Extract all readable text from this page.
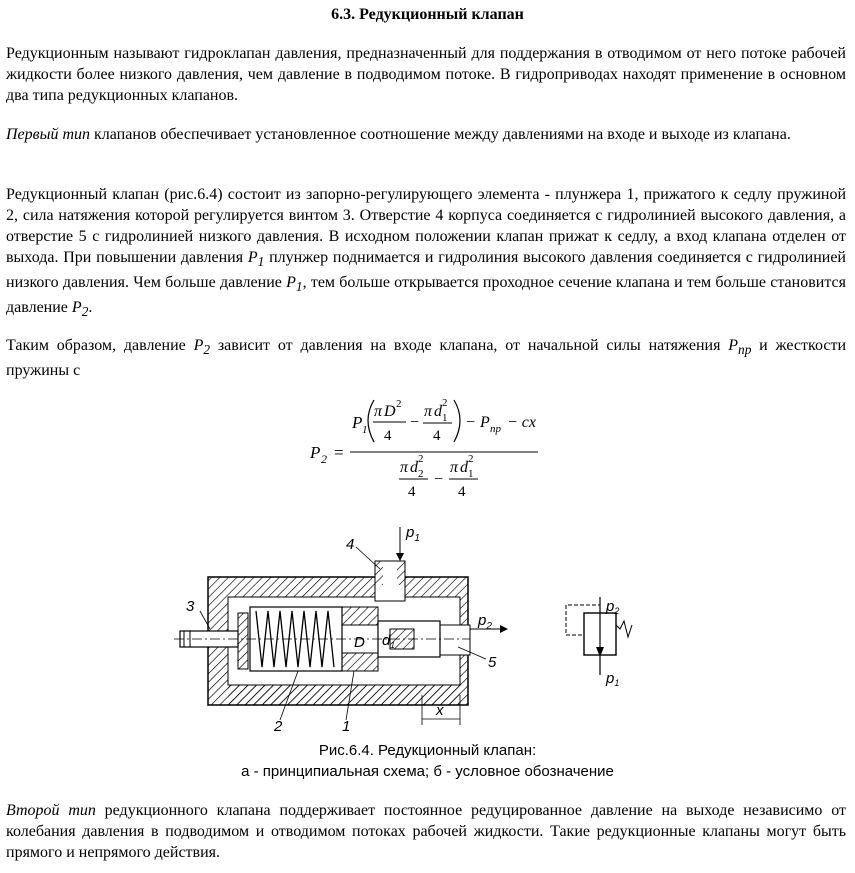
6.3. Редукционный клапан

Редукционным называют гидроклапан давления, предназначенный для поддержания в отводимом от него потоке рабочей жидкости более низкого давления, чем давление в подводимом потоке. В гидроприводах находят применение в основном два типа редукционных клапанов.

Первый тип клапанов обеспечивает установленное соотношение между давлениями на входе и выходе из клапана.

Редукционный клапан (рис.6.4) состоит из запорно-регулирующего элемента - плунжера 1, прижатого к седлу пружиной 2, сила натяжения которой регулируется винтом 3. Отверстие 4 корпуса соединяется с гидролинией высокого давления, а отверстие 5 с гидролинией низкого давления. В исходном положении клапан прижат к седлу, а вход клапана отделен от выхода. При повышении давления $P_1$ плунжер поднимается и гидролиния высокого давления соединяется с гидролинией низкого давления. Чем больше давление $P_1$, тем больше открывается проходное сечение клапана и тем больше становится давление $P_2$.

Таким образом, давление $P_2$ зависит от давления на входе клапана, от начальной силы натяжения $P_{пр}$ и жесткости пружины с

P 2 =
P 1
π D 2
4
−
π d 2
1
4
− P пр − cx
π d 2
2
4
−
π d 2
1
4
4
3
2	1
5
$p_1$
$p_2$
x
D $d_1$
$p_2$
$p_1$
Рис.6.4. Редукционный клапан:
а - принципиальная схема; б - условное обозначение

Второй тип редукционного клапана поддерживает постоянное редуцированное давление на выходе независимо от колебания давления в подводимом и отводимом потоках рабочей жидкости. Такие редукционные клапаны могут быть прямого и непрямого действия.
